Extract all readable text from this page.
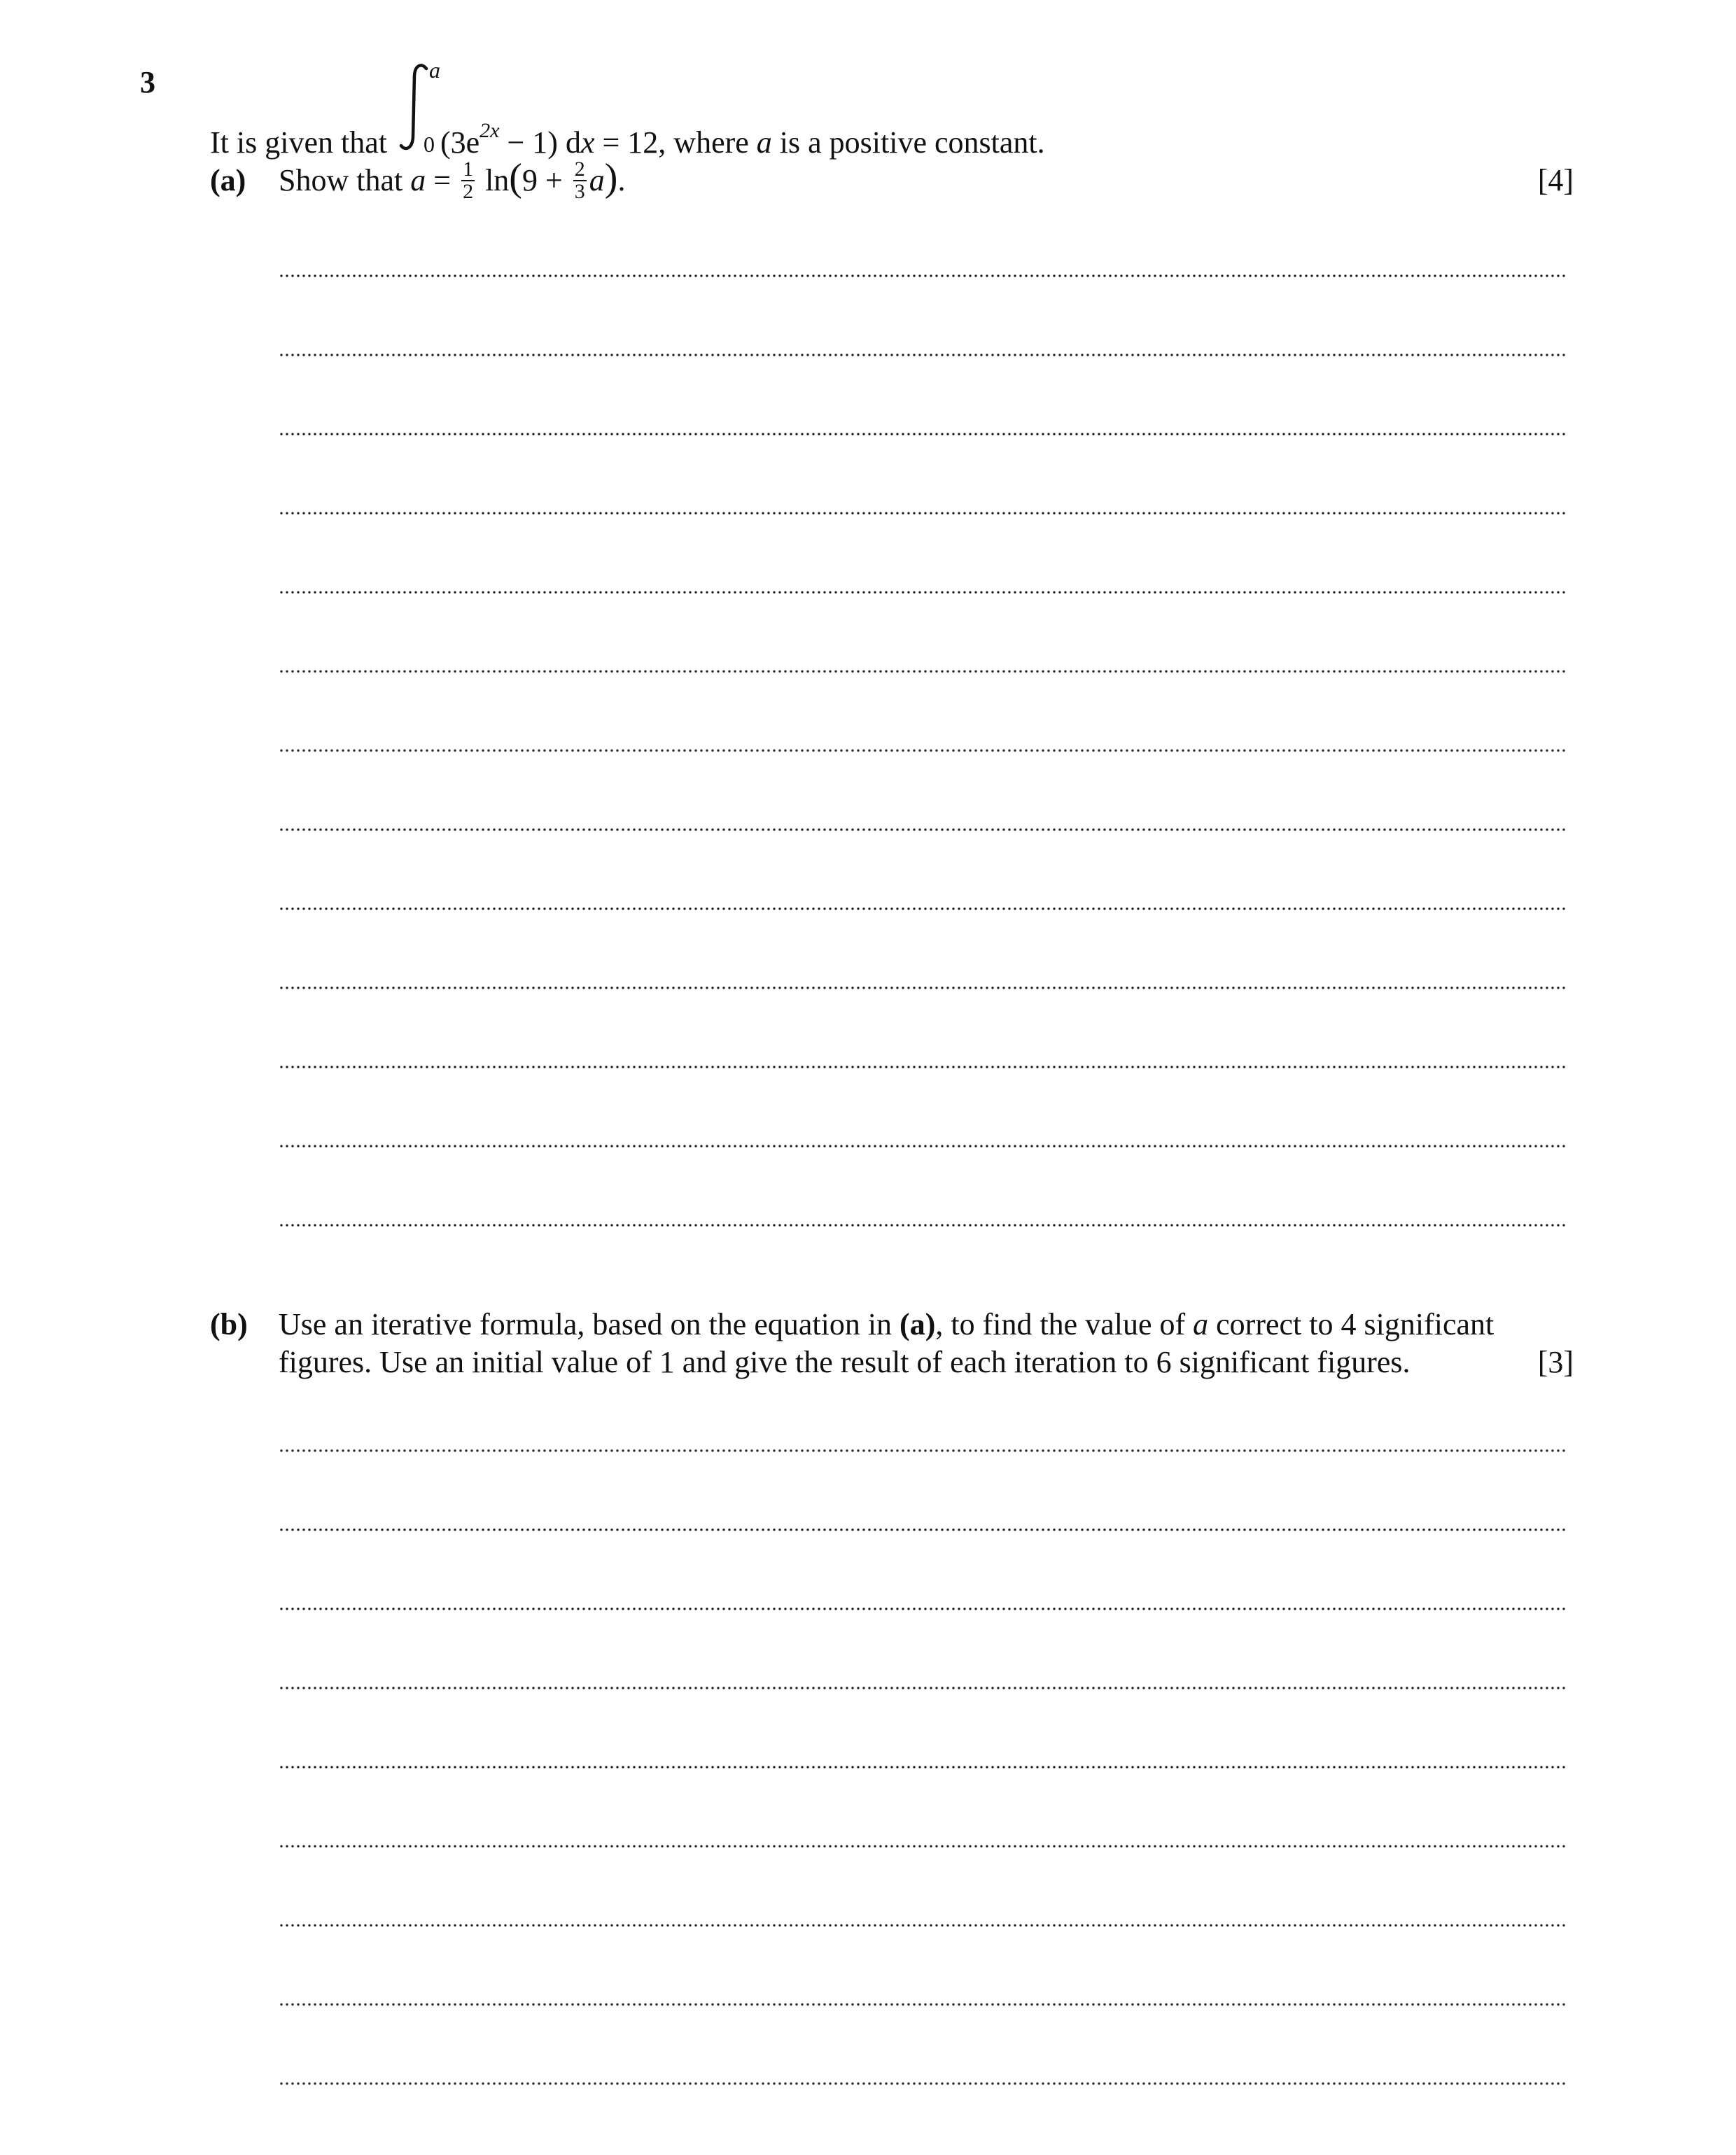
3
It is given that
a
0 $(3e^{2x} - 1)$ dx = 12, where a is a positive constant.
(a) Show that $a = \frac{1}{2} \ln(9 + \frac{2}{3} a)$.	[4]
(b) Use an iterative formula, based on the equation in (a), to find the value of a correct to 4 significant
figures. Use an initial value of 1 and give the result of each iteration to 6 significant figures.	[3]
